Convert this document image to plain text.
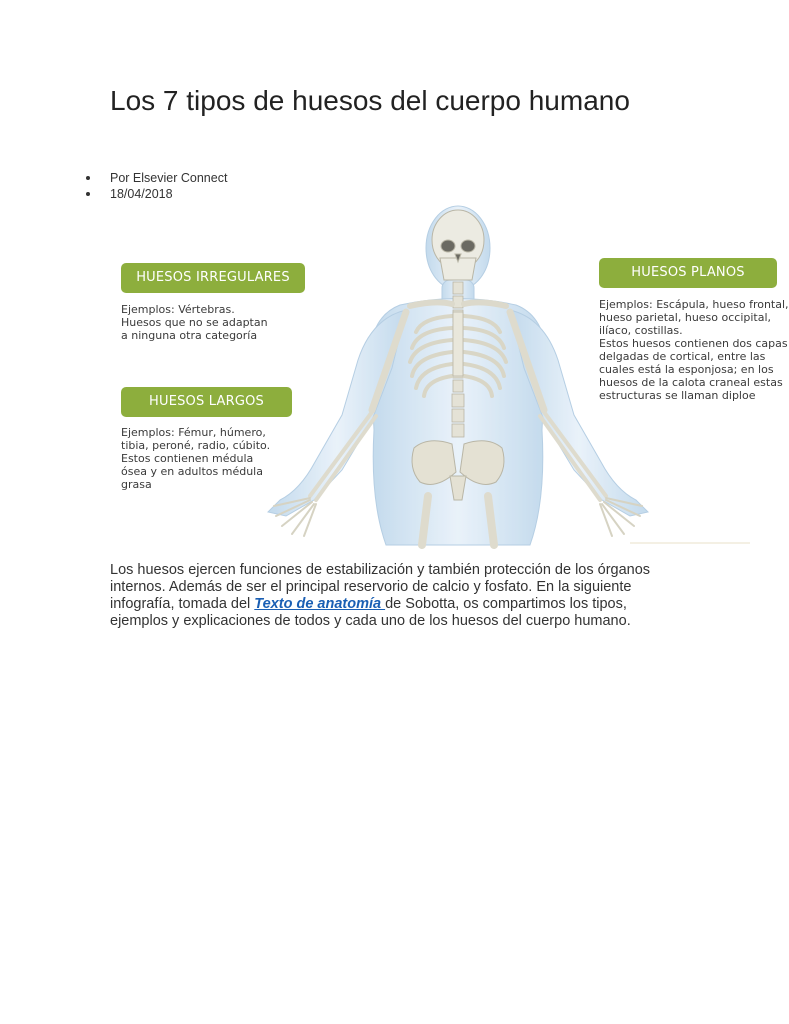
Los 7 tipos de huesos del cuerpo humano
Por Elsevier Connect
18/04/2018
HUESOS IRREGULARES
Ejemplos: Vértebras.
Huesos que no se adaptan
a ninguna otra categoría
HUESOS LARGOS
Ejemplos: Fémur, húmero,
tibia, peroné, radio, cúbito.
Estos contienen médula
ósea y en adultos médula
grasa
HUESOS PLANOS
Ejemplos: Escápula, hueso frontal,
hueso parietal, hueso occipital,
ilíaco, costillas.
Estos huesos contienen dos capas
delgadas de cortical, entre las
cuales está la esponjosa; en los
huesos de la calota craneal estas
estructuras se llaman diploe

Los huesos ejercen funciones de estabilización y también protección de los órganos internos. Además de ser el principal reservorio de calcio y fosfato. En la siguiente infografía, tomada del Texto de anatomía de Sobotta, os compartimos los tipos, ejemplos y explicaciones de todos y cada uno de los huesos del cuerpo humano.
